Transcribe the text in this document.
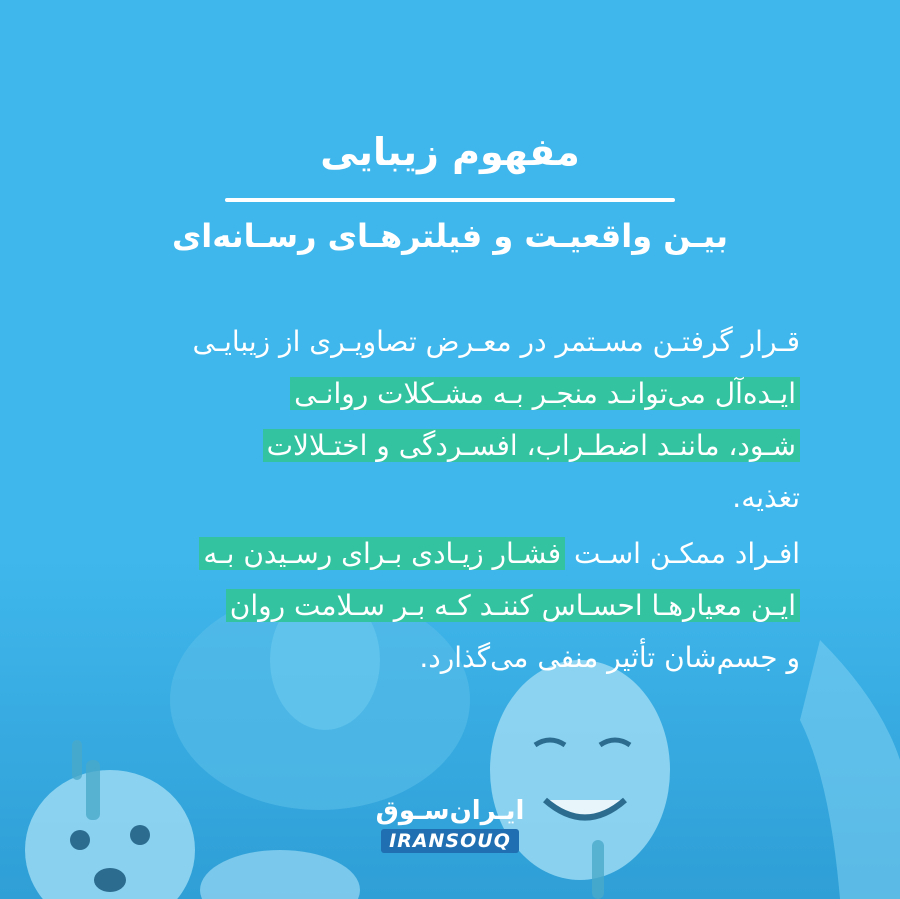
مفهوم زیبایی
بیـن واقعیـت و فیلترهـای رسـانه‌ای
قـرار گرفتـن مسـتمر در معـرض تصاویـری از زیبایـی
ایـده‌آل می‌توانـد منجـر بـه مشـکلات روانـی
شـود، ماننـد اضطـراب، افسـردگی و اختـلالات
تغذیه.
افـراد ممکـن اسـت فشـار زیـادی بـرای رسـیدن بـه
ایـن معیارهـا احسـاس کننـد کـه بـر سـلامت روان
و جسم‌شان تأثیر منفی می‌گذارد.
ایـران‌سـوق
IRANSOUQ
